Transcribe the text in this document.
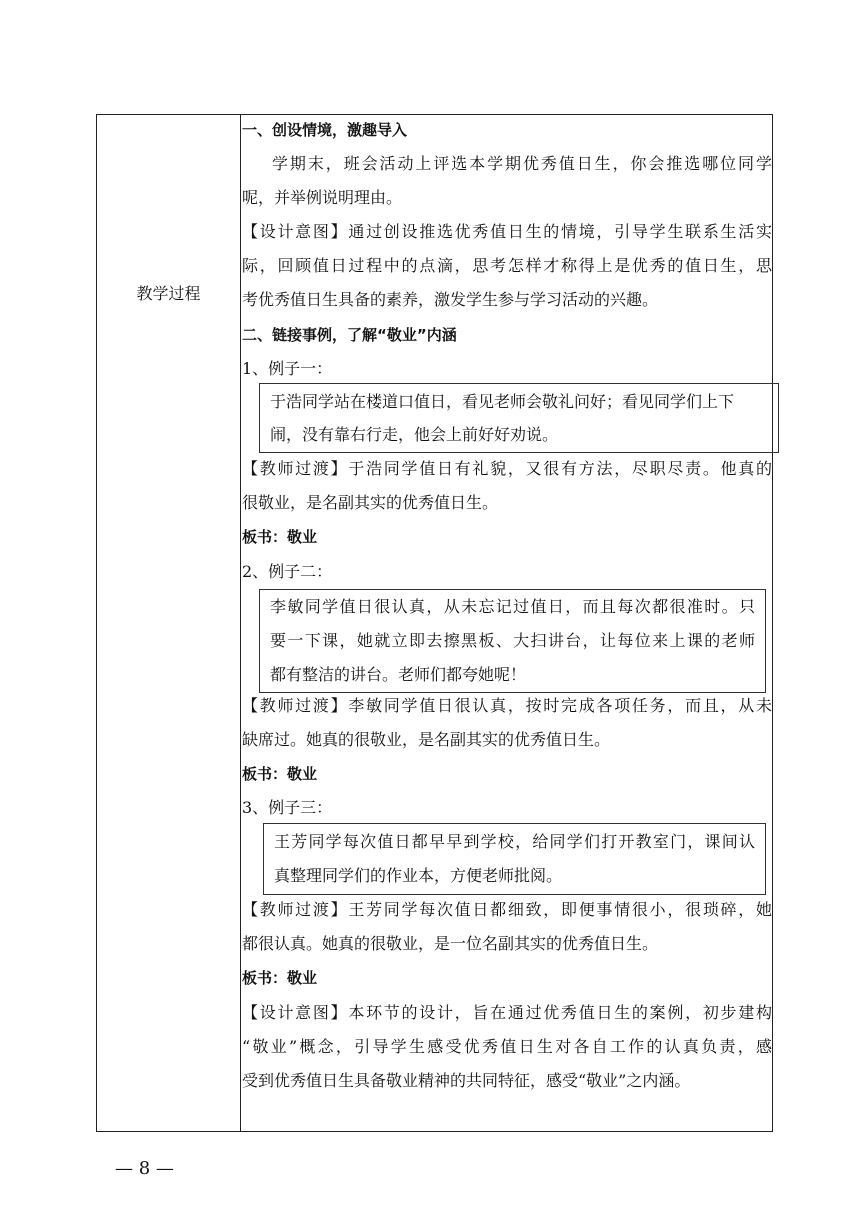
教学过程
一、创设情境，激趣导入
学期末，班会活动上评选本学期优秀值日生，你会推选哪位同学
呢，并举例说明理由。
【设计意图】通过创设推选优秀值日生的情境，引导学生联系生活实
际，回顾值日过程中的点滴，思考怎样才称得上是优秀的值日生，思
考优秀值日生具备的素养，激发学生参与学习活动的兴趣。
二、链接事例，了解“敬业”内涵
1、例子一：
于浩同学站在楼道口值日，看见老师会敬礼问好；看见同学们上下
闹，没有靠右行走，他会上前好好劝说。
【教师过渡】于浩同学值日有礼貌，又很有方法，尽职尽责。他真的
很敬业，是名副其实的优秀值日生。
板书：敬业
2、例子二：
李敏同学值日很认真，从未忘记过值日，而且每次都很准时。只
要一下课，她就立即去擦黑板、大扫讲台，让每位来上课的老师
都有整洁的讲台。老师们都夸她呢！
【教师过渡】李敏同学值日很认真，按时完成各项任务，而且，从未
缺席过。她真的很敬业，是名副其实的优秀值日生。
板书：敬业
3、例子三：
王芳同学每次值日都早早到学校，给同学们打开教室门，课间认
真整理同学们的作业本，方便老师批阅。
【教师过渡】王芳同学每次值日都细致，即便事情很小，很琐碎，她
都很认真。她真的很敬业，是一位名副其实的优秀值日生。
板书：敬业
【设计意图】本环节的设计，旨在通过优秀值日生的案例，初步建构
“敬业”概念，引导学生感受优秀值日生对各自工作的认真负责，感
受到优秀值日生具备敬业精神的共同特征，感受“敬业”之内涵。
— 8 —
